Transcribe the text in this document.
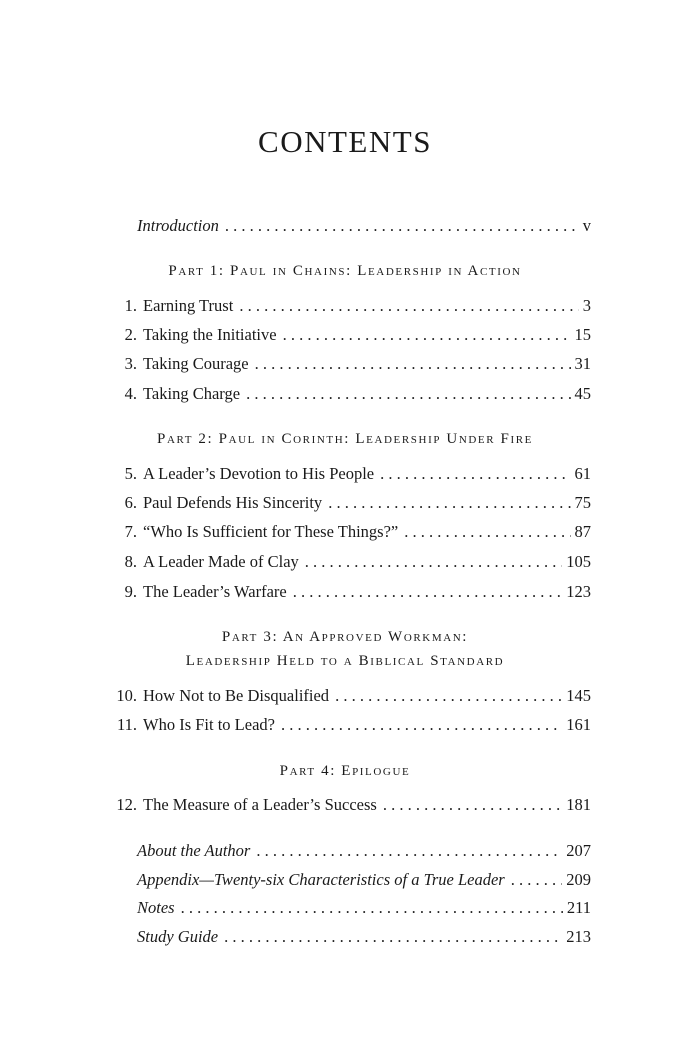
CONTENTS
Introduction . . .	v
Part 1: Paul in Chains: Leadership in Action
1. Earning Trust . . .	3
2. Taking the Initiative . . .	15
3. Taking Courage . . .	31
4. Taking Charge . . .	45
Part 2: Paul in Corinth: Leadership Under Fire
5. A Leader’s Devotion to His People . . .	61
6. Paul Defends His Sincerity . . .	75
7. “Who Is Sufficient for These Things?” . . .	87
8. A Leader Made of Clay . . .	105
9. The Leader’s Warfare . . .	123
Part 3: An Approved Workman:
Leadership Held to a Biblical Standard
10. How Not to Be Disqualified . . .	145
11. Who Is Fit to Lead? . . .	161
Part 4: Epilogue
12. The Measure of a Leader’s Success . . .	181
About the Author . . .	207
Appendix—Twenty-six Characteristics of a True Leader . . .	209
Notes . . .	211
Study Guide . . .	213
